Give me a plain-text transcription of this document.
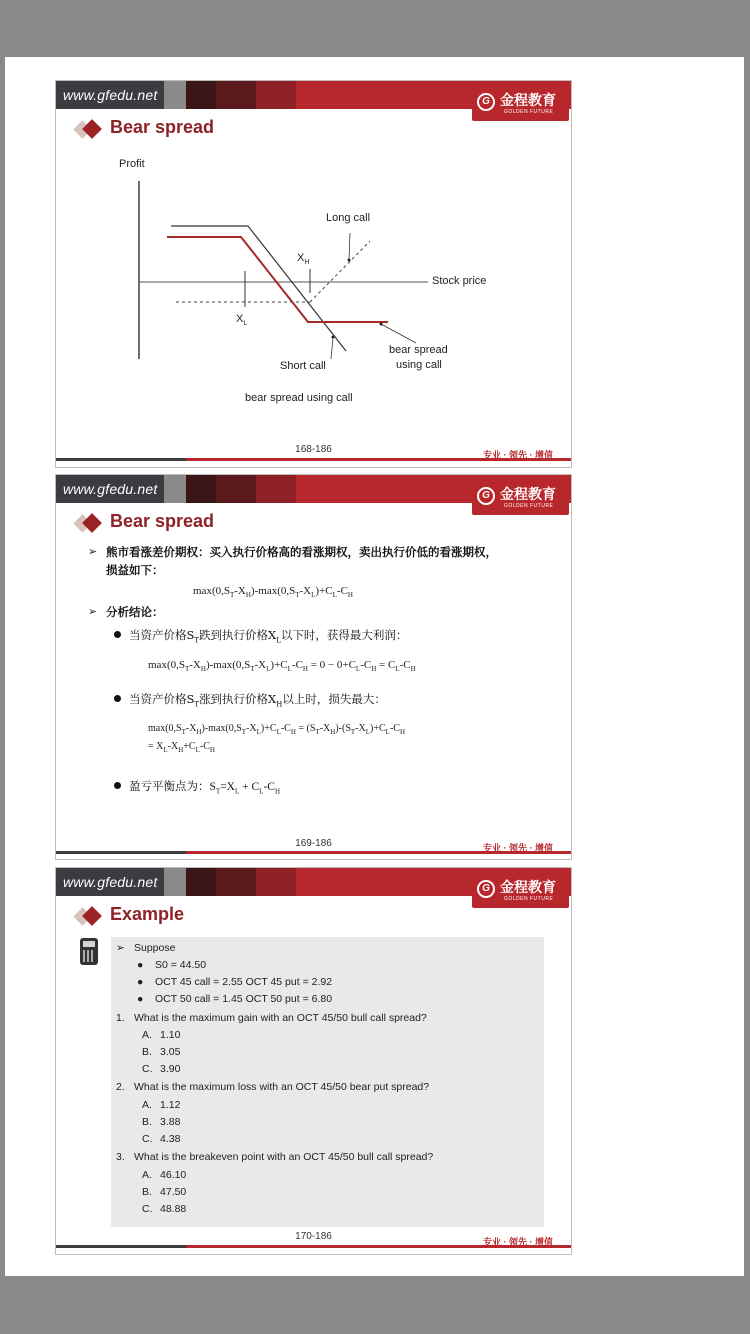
www.gfedu.net	G 金程教育
GOLDEN FUTURE
Bear spread
Profit
Stock price
Long call
$X_H$
$X_L$
Short call
bear spread
using call
bear spread using call
168-186	专业 · 领先 · 增值
www.gfedu.net	G 金程教育
GOLDEN FUTURE
Bear spread
➢ 熊市看涨差价期权：买入执行价格高的看涨期权，卖出执行价低的看涨期权，
损益如下：
$\max(0,S_T-X_H)-\max(0,S_T-X_L)+C_L-C_H$
➢ 分析结论：
当资产价格$S_T$跌到执行价格$X_L$以下时，获得最大利润：
$\max(0,S_T-X_H)-\max(0,S_T-X_L)+C_L-C_H = 0 - 0+C_L-C_H = C_L-C_H$
当资产价格$S_T$涨到执行价格$X_H$以上时，损失最大：
$\max(0,S_T-X_H)-\max(0,S_T-X_L)+C_L-C_H = (S_T-X_H)-(S_T-X_L)+C_L-C_H$
= $X_L-X_H+C_L-C_H$
盈亏平衡点为：$S_T=X_L + C_L-C_H$
169-186	专业 · 领先 · 增值
www.gfedu.net	G 金程教育
GOLDEN FUTURE
Example
➢ Suppose
● S0 = 44.50
● OCT 45 call = 2.55 OCT 45 put = 2.92
● OCT 50 call = 1.45 OCT 50 put = 6.80
1. What is the maximum gain with an OCT 45/50 bull call spread?
A. 1.10
B. 3.05
C. 3.90
2. What is the maximum loss with an OCT 45/50 bear put spread?
A. 1.12
B. 3.88
C. 4.38
3. What is the breakeven point with an OCT 45/50 bull call spread?
A. 46.10
B. 47.50
C. 48.88
170-186	专业 · 领先 · 增值
